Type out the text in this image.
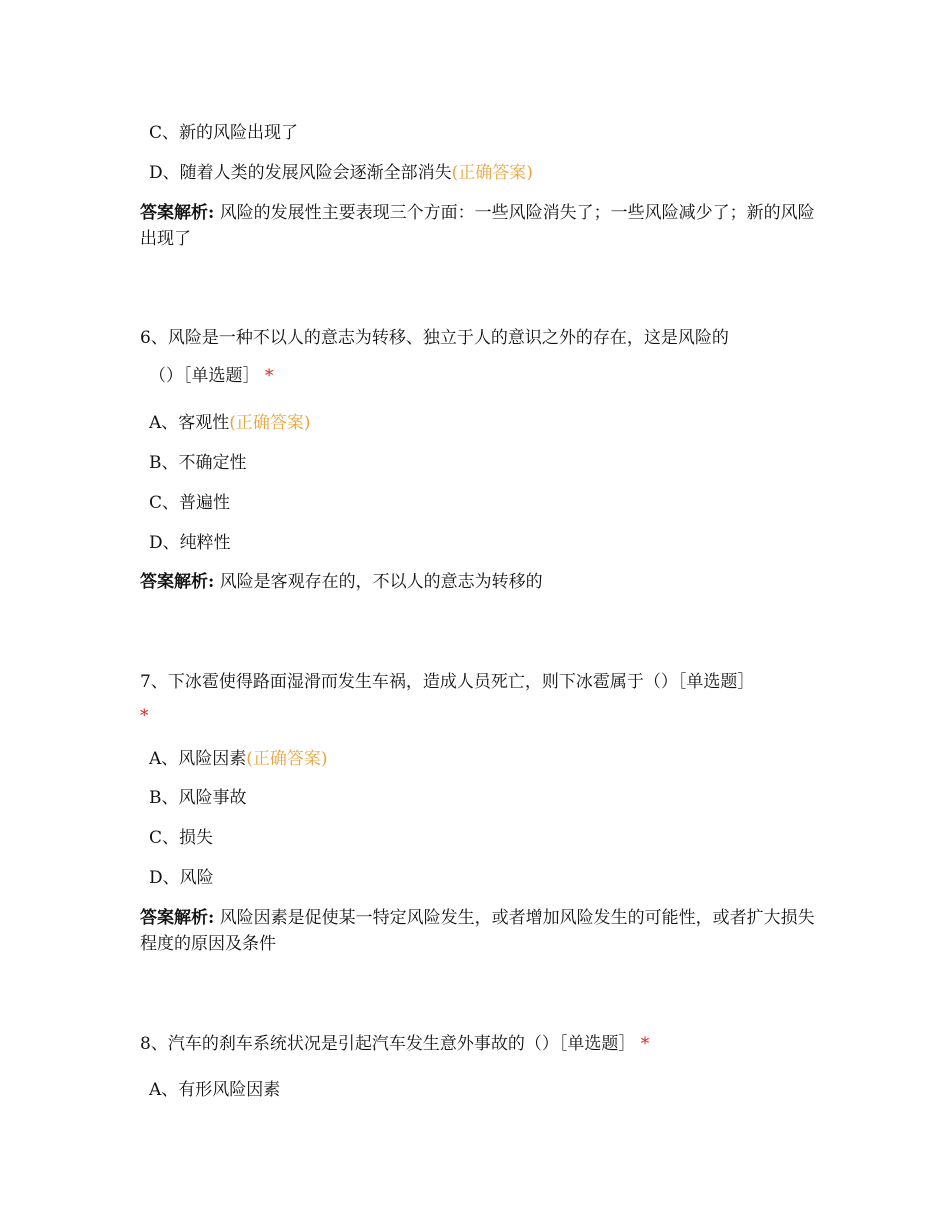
C、新的风险出现了
D、随着人类的发展风险会逐渐全部消失(正确答案)
答案解析: 风险的发展性主要表现三个方面：一些风险消失了；一些风险减少了；新的风险出现了
6、风险是一种不以人的意志为转移、独立于人的意识之外的存在，这是风险的
（）［单选题］ *
A、客观性(正确答案)
B、不确定性
C、普遍性
D、纯粹性
答案解析: 风险是客观存在的，不以人的意志为转移的
7、下冰雹使得路面湿滑而发生车祸，造成人员死亡，则下冰雹属于（）［单选题］
*
A、风险因素(正确答案)
B、风险事故
C、损失
D、风险
答案解析: 风险因素是促使某一特定风险发生，或者增加风险发生的可能性，或者扩大损失程度的原因及条件
8、汽车的刹车系统状况是引起汽车发生意外事故的（）［单选题］ *
A、有形风险因素
